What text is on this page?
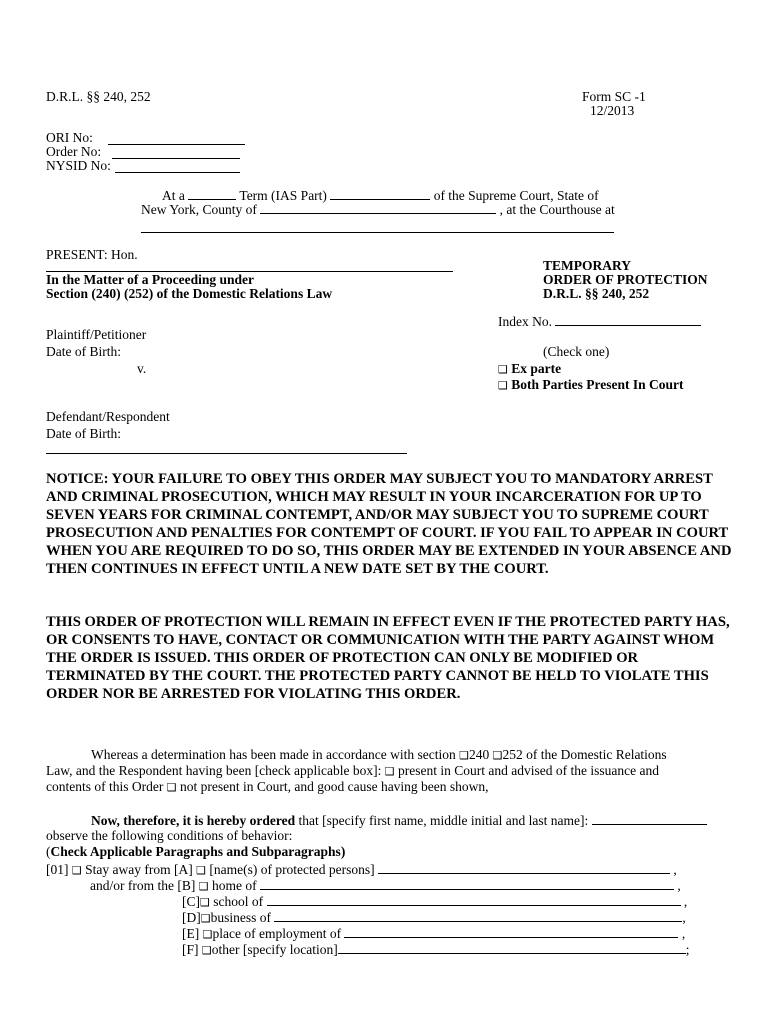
D.R.L. §§ 240, 252	Form SC -1
12/2013
ORI No:
Order No:
NYSID No:
At a	Term (IAS Part)	of the Supreme Court, State of
New York, County of	, at the Courthouse at
PRESENT: Hon.
In the Matter of a Proceeding under
Section (240) (252) of the Domestic Relations Law
TEMPORARY
ORDER OF PROTECTION
D.R.L. §§ 240, 252
Index No.
Plaintiff/Petitioner
Date of Birth:
v.
(Check one)
❑ Ex parte
❑ Both Parties Present In Court
Defendant/Respondent
Date of Birth:
NOTICE: YOUR FAILURE TO OBEY THIS ORDER MAY SUBJECT YOU TO MANDATORY ARREST AND CRIMINAL PROSECUTION, WHICH MAY RESULT IN YOUR INCARCERATION FOR UP TO SEVEN YEARS FOR CRIMINAL CONTEMPT, AND/OR MAY SUBJECT YOU TO SUPREME COURT PROSECUTION AND PENALTIES FOR CONTEMPT OF COURT. IF YOU FAIL TO APPEAR IN COURT WHEN YOU ARE REQUIRED TO DO SO, THIS ORDER MAY BE EXTENDED IN YOUR ABSENCE AND THEN CONTINUES IN EFFECT UNTIL A NEW DATE SET BY THE COURT.
THIS ORDER OF PROTECTION WILL REMAIN IN EFFECT EVEN IF THE PROTECTED PARTY HAS, OR CONSENTS TO HAVE, CONTACT OR COMMUNICATION WITH THE PARTY AGAINST WHOM THE ORDER IS ISSUED. THIS ORDER OF PROTECTION CAN ONLY BE MODIFIED OR TERMINATED BY THE COURT. THE PROTECTED PARTY CANNOT BE HELD TO VIOLATE THIS ORDER NOR BE ARRESTED FOR VIOLATING THIS ORDER.
Whereas a determination has been made in accordance with section ❑240 ❑252 of the Domestic Relations
Law, and the Respondent having been [check applicable box]: ❑ present in Court and advised of the issuance and
contents of this Order ❑ not present in Court, and good cause having been shown,
Now, therefore, it is hereby ordered that [specify first name, middle initial and last name]:
observe the following conditions of behavior:
(Check Applicable Paragraphs and Subparagraphs)
[01] ❑ Stay away from [A] ❑ [name(s) of protected persons]	,
and/or from the [B] ❑ home of	,
[C]❑ school of	,
[D]❑business of	,
[E] ❑place of employment of	,
[F] ❑other [specify location]	;
